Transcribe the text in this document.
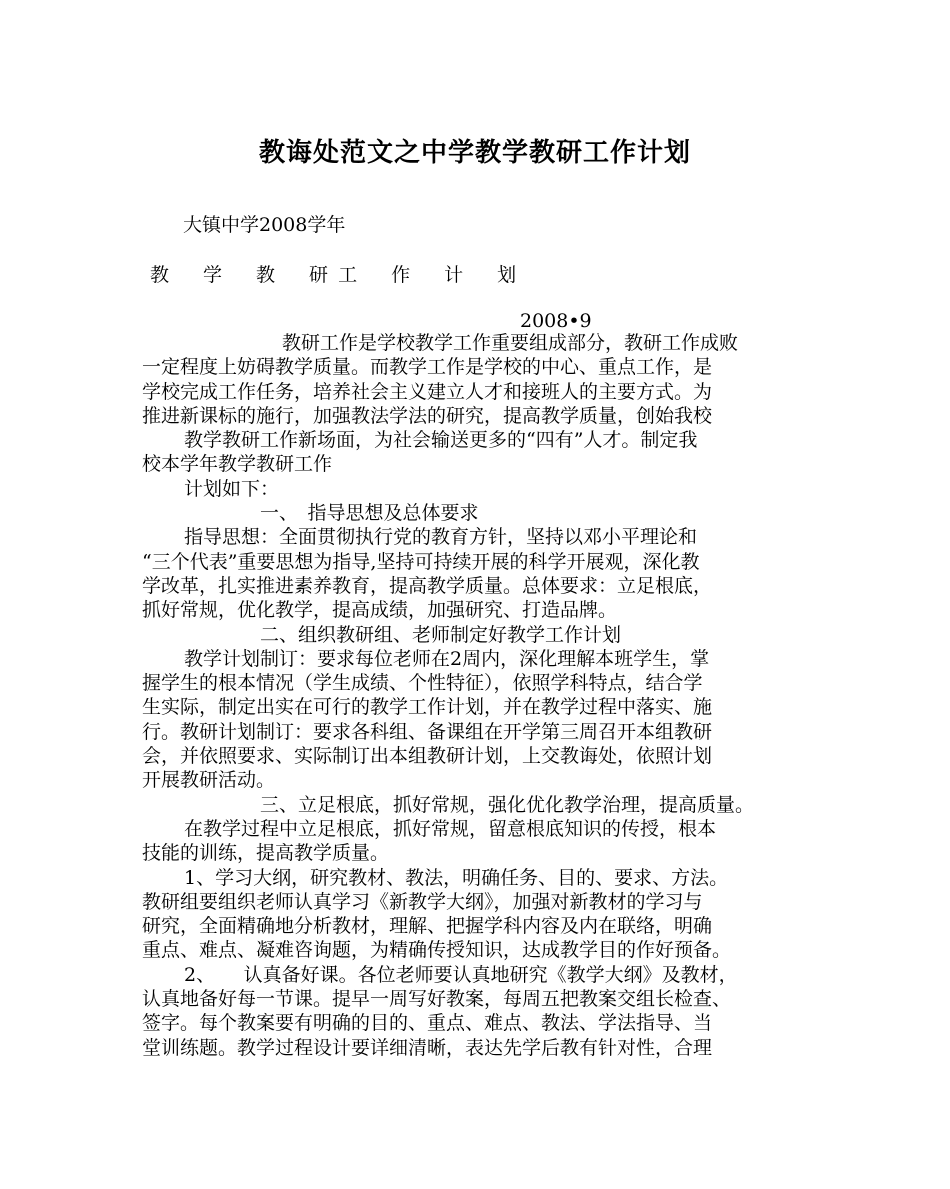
教诲处范文之中学教学教研工作计划
大镇中学2008学年
教 学 教 研 工 作 计 划
2008•9
教研工作是学校教学工作重要组成部分，教研工作成败
一定程度上妨碍教学质量。而教学工作是学校的中心、重点工作，是
学校完成工作任务，培养社会主义建立人才和接班人的主要方式。为
推进新课标的施行，加强教法学法的研究，提高教学质量，创始我校
教学教研工作新场面，为社会输送更多的“四有”人才。制定我
校本学年教学教研工作
计划如下：
一、　指导思想及总体要求
指导思想：全面贯彻执行党的教育方针，坚持以邓小平理论和
“三个代表”重要思想为指导,坚持可持续开展的科学开展观，深化教
学改革，扎实推进素养教育，提高教学质量。总体要求：立足根底，
抓好常规，优化教学，提高成绩，加强研究、打造品牌。
二、组织教研组、老师制定好教学工作计划
教学计划制订：要求每位老师在2周内，深化理解本班学生，掌
握学生的根本情况（学生成绩、个性特征），依照学科特点，结合学
生实际，制定出实在可行的教学工作计划，并在教学过程中落实、施
行。教研计划制订：要求各科组、备课组在开学第三周召开本组教研
会，并依照要求、实际制订出本组教研计划，上交教诲处，依照计划
开展教研活动。
三、立足根底，抓好常规，强化优化教学治理，提高质量。
在教学过程中立足根底，抓好常规，留意根底知识的传授，根本
技能的训练，提高教学质量。
1、学习大纲，研究教材、教法，明确任务、目的、要求、方法。
教研组要组织老师认真学习《新教学大纲》，加强对新教材的学习与
研究，全面精确地分析教材，理解、把握学科内容及内在联络，明确
重点、难点、凝难咨询题，为精确传授知识，达成教学目的作好预备。
2、　　认真备好课。各位老师要认真地研究《教学大纲》及教材，
认真地备好每一节课。提早一周写好教案，每周五把教案交组长检查、
签字。每个教案要有明确的目的、重点、难点、教法、学法指导、当
堂训练题。教学过程设计要详细清晰，表达先学后教有针对性，合理
